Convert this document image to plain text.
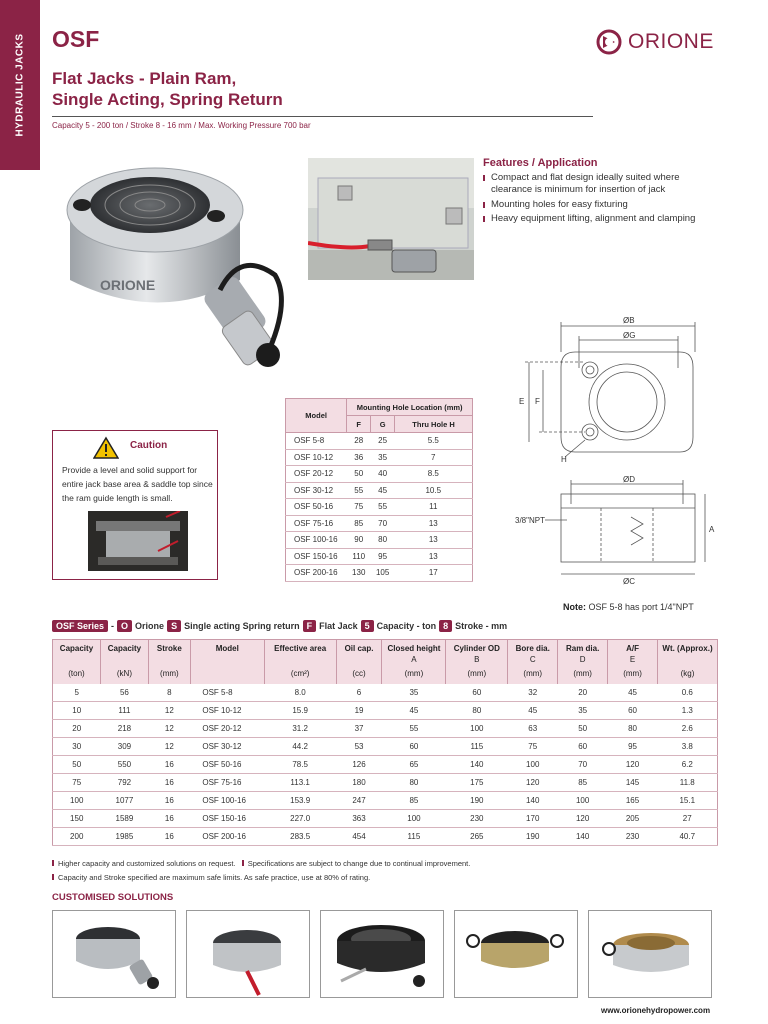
HYDRAULIC JACKS OSF	ORIONE
Flat Jacks - Plain Ram,
Single Acting, Spring Return
Capacity 5 - 200 ton / Stroke 8 - 16 mm / Max. Working Pressure 700 bar
ORIONE
Features / Application
Compact and flat design ideally suited where clearance is minimum for insertion of jack
Mounting holes for easy fixturing
Heavy equipment lifting, alignment and clamping
ØB
ØG
E F
H
ØD
ØC
A
3/8"NPT
Caution
Provide a level and solid support for entire jack base area & saddle top since the ram guide length is small.
Model	Mounting Hole Location (mm)		
	F	G	Thru Hole H
OSF 5-8	28	25	5.5
OSF 10-12	36	35	7
OSF 20-12	50	40	8.5
OSF 30-12	55	45	10.5
OSF 50-16	75	55	11
OSF 75-16	85	70	13
OSF 100-16	90	80	13
OSF 150-16	110	95	13
OSF 200-16	130	105	17
Note: OSF 5-8 has port 1/4"NPT
OSF Series - O Orione S Single acting Spring return F Flat Jack 5 Capacity - ton 8 Stroke - mm
Capacity	Capacity	Stroke	Model	Effective area	Oil cap.	Closed height	Cylinder OD	Bore dia.	Ram dia.	A/F	Wt. (Approx.)
						A	B	C	D	E	
(ton)	(kN)	(mm)		(cm²)	(cc)	(mm)	(mm)	(mm)	(mm)	(mm)	(kg)
5	56	8	OSF 5-8	8.0	6	35	60	32	20	45	0.6
10	111	12	OSF 10-12	15.9	19	45	80	45	35	60	1.3
20	218	12	OSF 20-12	31.2	37	55	100	63	50	80	2.6
30	309	12	OSF 30-12	44.2	53	60	115	75	60	95	3.8
50	550	16	OSF 50-16	78.5	126	65	140	100	70	120	6.2
75	792	16	OSF 75-16	113.1	180	80	175	120	85	145	11.8
100	1077	16	OSF 100-16	153.9	247	85	190	140	100	165	15.1
150	1589	16	OSF 150-16	227.0	363	100	230	170	120	205	27
200	1985	16	OSF 200-16	283.5	454	115	265	190	140	230	40.7
Higher capacity and customized solutions on request. Specifications are subject to change due to continual improvement.
Capacity and Stroke specified are maximum safe limits. As safe practice, use at 80% of rating.
CUSTOMISED SOLUTIONS
www.orionehydropower.com
